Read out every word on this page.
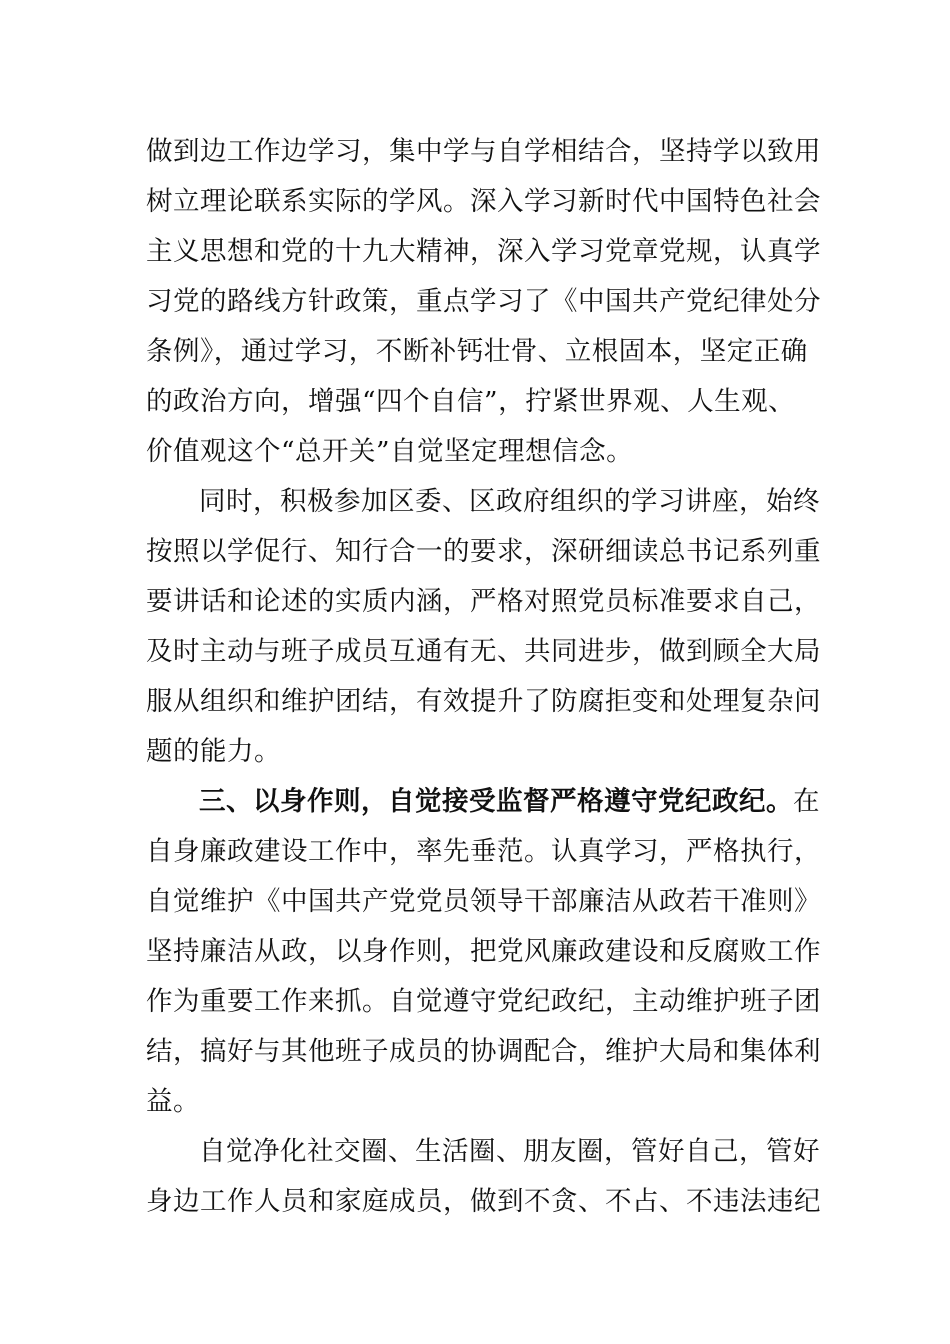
做到边工作边学习，集中学与自学相结合，坚持学以致用
树立理论联系实际的学风。深入学习新时代中国特色社会
主义思想和党的十九大精神，深入学习党章党规，认真学
习党的路线方针政策，重点学习了《中国共产党纪律处分
条例》，通过学习，不断补钙壮骨、立根固本，坚定正确
的政治方向，增强“四个自信”，拧紧世界观、人生观、
价值观这个“总开关”自觉坚定理想信念。
同时，积极参加区委、区政府组织的学习讲座，始终
按照以学促行、知行合一的要求，深研细读总书记系列重
要讲话和论述的实质内涵，严格对照党员标准要求自己，
及时主动与班子成员互通有无、共同进步，做到顾全大局
服从组织和维护团结，有效提升了防腐拒变和处理复杂问
题的能力。
三、以身作则，自觉接受监督严格遵守党纪政纪。在
自身廉政建设工作中，率先垂范。认真学习，严格执行，
自觉维护《中国共产党党员领导干部廉洁从政若干准则》
坚持廉洁从政，以身作则，把党风廉政建设和反腐败工作
作为重要工作来抓。自觉遵守党纪政纪，主动维护班子团
结，搞好与其他班子成员的协调配合，维护大局和集体利
益。
自觉净化社交圈、生活圈、朋友圈，管好自己，管好
身边工作人员和家庭成员，做到不贪、不占、不违法违纪
